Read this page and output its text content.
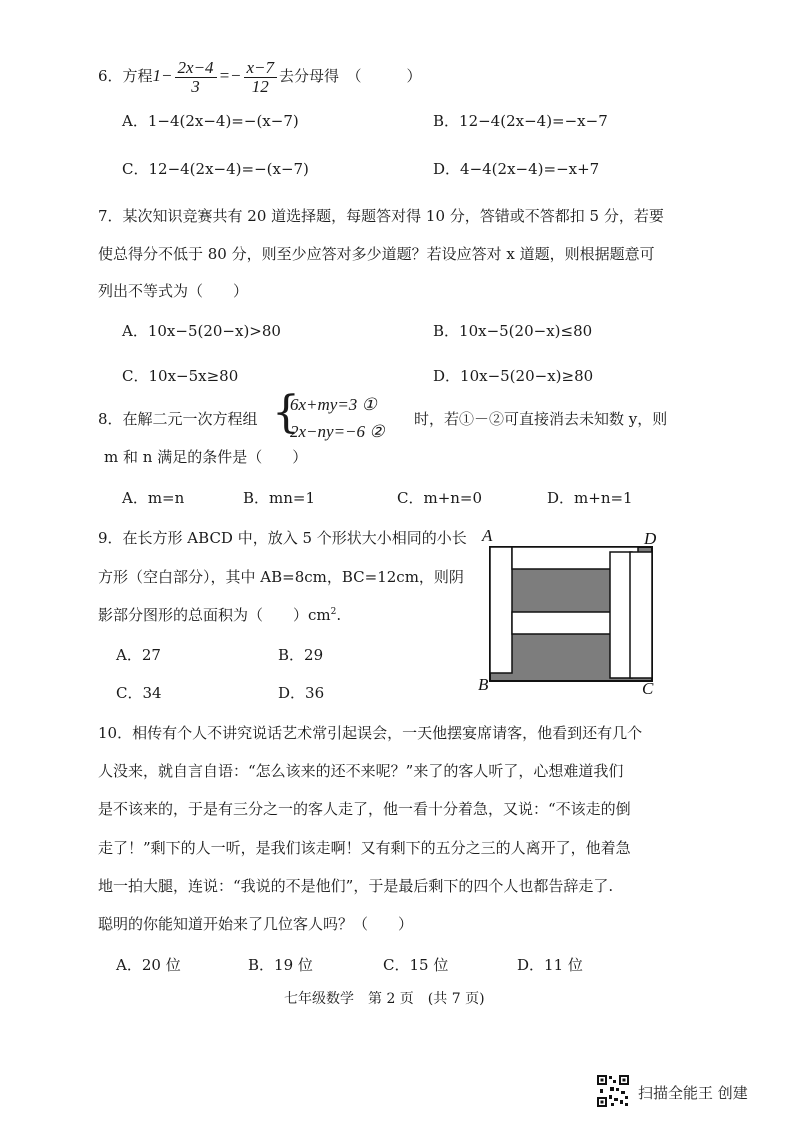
6．方程$1- \frac{2x-4}{3} =- \frac{x-7}{12}$ 去分母得　（　　　）
A．1−4(2x−4)=−(x−7)	B．12−4(2x−4)=−x−7
C．12−4(2x−4)=−(x−7)	D．4−4(2x−4)=−x+7
7．某次知识竞赛共有 20 道选择题，每题答对得 10 分，答错或不答都扣 5 分，若要
使总得分不低于 80 分，则至少应答对多少道题？若设应答对 x 道题，则根据题意可
列出不等式为（　　）
A．10x−5(20−x)>80	B．10x−5(20−x)≤80
C．10x−5x≥80	D．10x−5(20−x)≥80
8．在解二元一次方程组 {
6x+my=3 ①
2x−ny=−6 ②
时，若①－②可直接消去未知数 y，则
m 和 n 满足的条件是（　　）
A．m=n	B．mn=1	C．m+n=0	D．m+n=1
9．在长方形 ABCD 中，放入 5 个形状大小相同的小长
方形（空白部分），其中 AB=8cm，BC=12cm，则阴
影部分图形的总面积为（　　）$cm^2$.
A．27	B．29
C．34	D．36
A	D
B	C
10．相传有个人不讲究说话艺术常引起误会，一天他摆宴席请客，他看到还有几个
人没来，就自言自语：“怎么该来的还不来呢？”来了的客人听了，心想难道我们
是不该来的，于是有三分之一的客人走了，他一看十分着急，又说：“不该走的倒
走了！”剩下的人一听，是我们该走啊！又有剩下的五分之三的人离开了，他着急
地一拍大腿，连说：“我说的不是他们”，于是最后剩下的四个人也都告辞走了.
聪明的你能知道开始来了几位客人吗？（　　）
A．20 位	B．19 位	C．15 位	D．11 位
七年级数学　第 2 页　(共 7 页)
扫描全能王 创建
